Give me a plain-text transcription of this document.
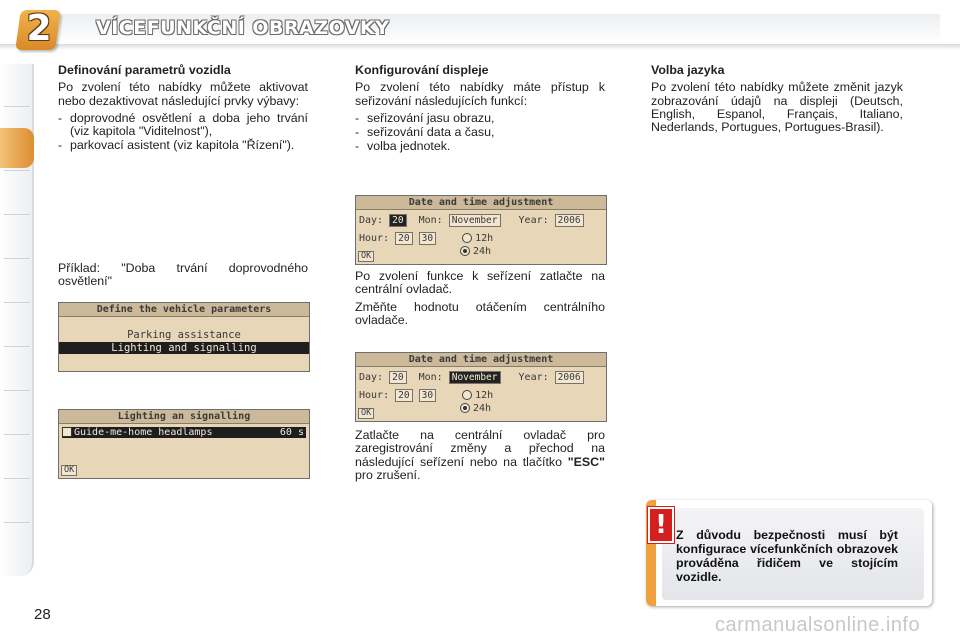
2 VÍCEFUNKČNÍ OBRAZOVKY
Definování parametrů vozidla

Po zvolení této nabídky můžete aktivovat nebo dezaktivovat následující prvky výbavy:

- doprovodné osvětlení a doba jeho trvání (viz kapitola "Viditelnost"),
- parkovací asistent (viz kapitola "Řízení").

Příklad: "Doba trvání doprovodného osvětlení"

Define the vehicle parameters
Parking assistance
Lighting and signalling
Lighting an signalling
✓ Guide-me-home headlamps	60 s
OK
Konfigurování displeje

Po zvolení této nabídky máte přístup k seřizování následujících funkcí:

- seřizování jasu obrazu,
- seřizování data a času,
- volba jednotek.
Date and time adjustment
Day: 20 Mon: November Year: 2006
Hour: 20 30	12h
24h
OK

Po zvolení funkce k seřízení zatlačte na centrální ovladač.

Změňte hodnotu otáčením centrálního ovladače.

Date and time adjustment
Day: 20 Mon: November Year: 2006
Hour: 20 30	12h
24h
OK

Zatlačte na centrální ovladač pro zaregistrování změny a přechod na následující seřízení nebo na tlačítko "ESC" pro zrušení.

Volba jazyka

Po zvolení této nabídky můžete změnit jazyk zobrazování údajů na displeji (Deutsch, English, Espanol, Français, Italiano, Nederlands, Portugues, Portugues-Brasil).

! Z důvodu bezpečnosti musí být konfigurace vícefunkčních obrazovek prováděna řidičem ve stojícím vozidle.
28	carmanualsonline.info
